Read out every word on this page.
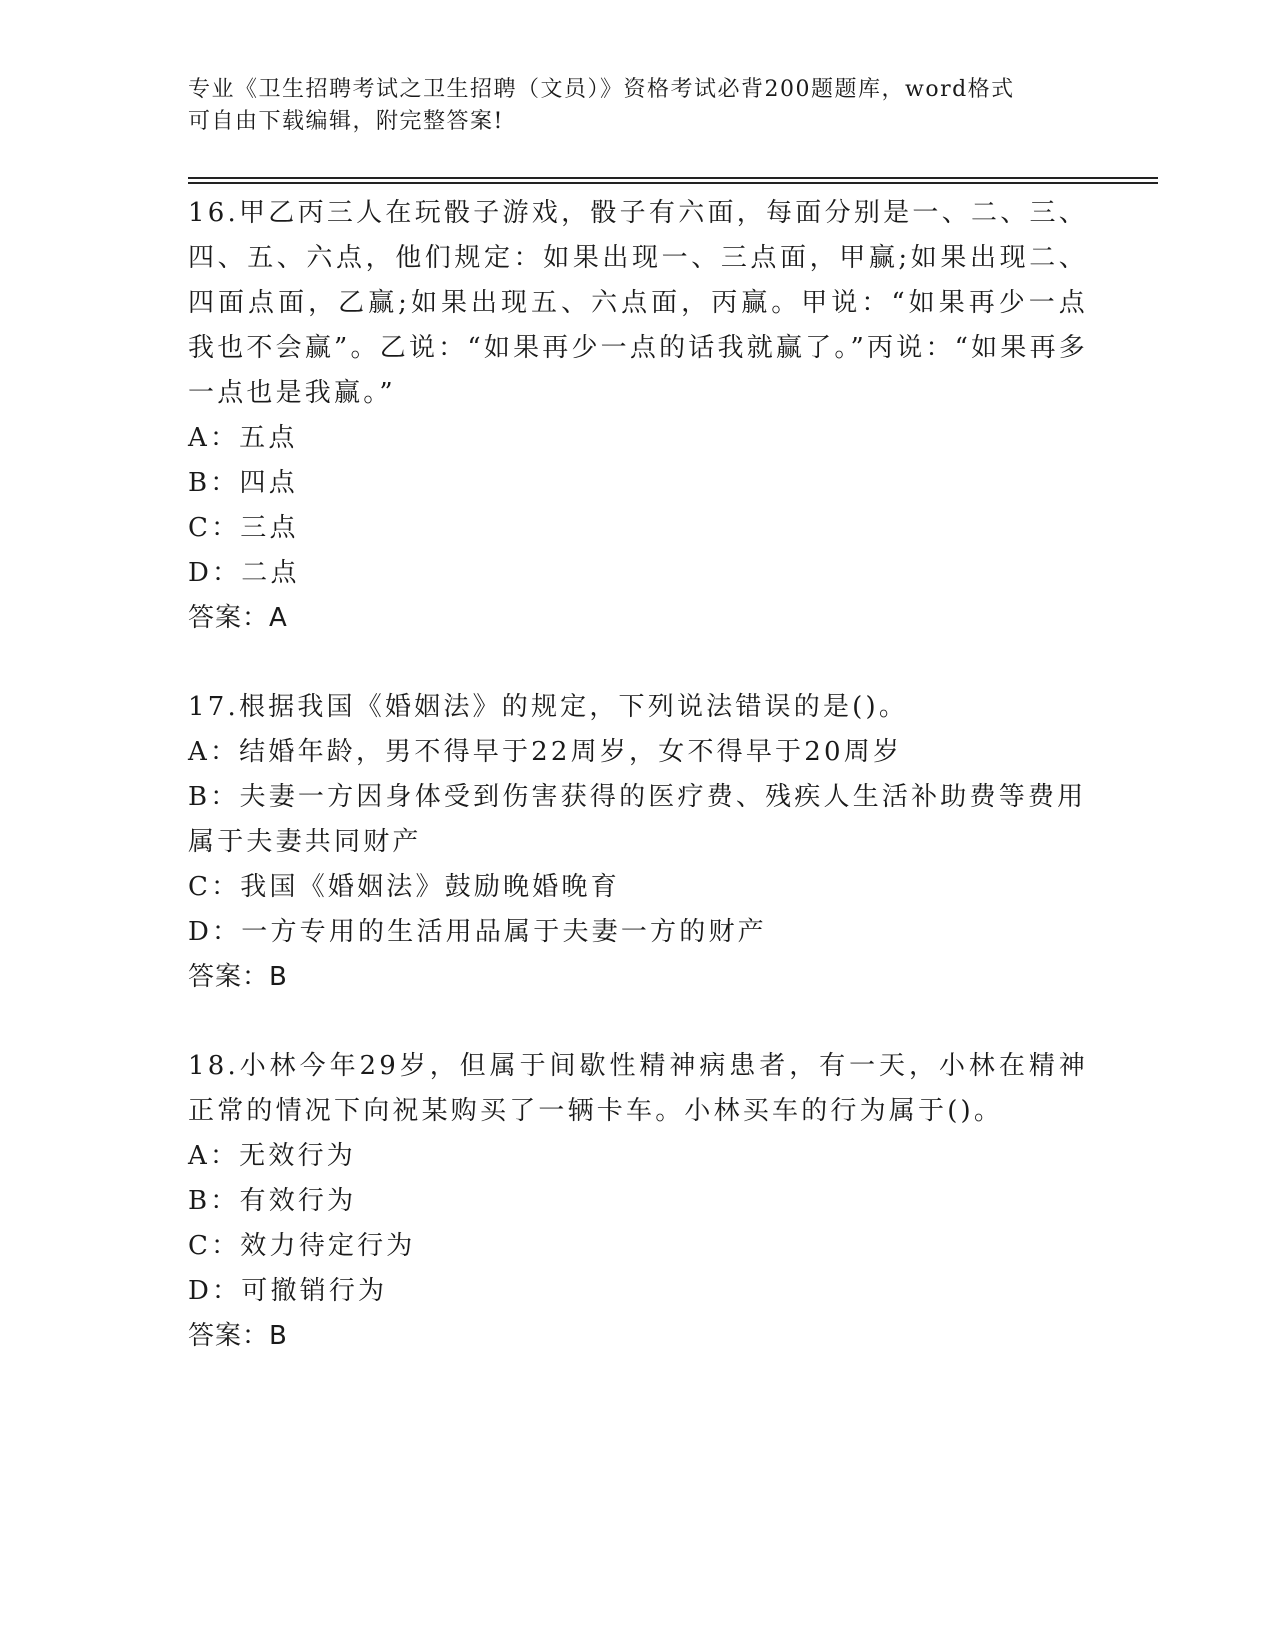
专业《卫生招聘考试之卫生招聘（文员）》资格考试必背200题题库，word格式

可自由下载编辑，附完整答案!

16.甲乙丙三人在玩骰子游戏，骰子有六面，每面分别是一、二、三、四、五、六点，他们规定：如果出现一、三点面，甲赢;如果出现二、四面点面，乙赢;如果出现五、六点面，丙赢。甲说：“如果再少一点我也不会赢”。乙说：“如果再少一点的话我就赢了。”丙说：“如果再多一点也是我赢。”

A：五点

B：四点

C：三点

D：二点

答案：A

17.根据我国《婚姻法》的规定，下列说法错误的是()。

A：结婚年龄，男不得早于22周岁，女不得早于20周岁

B：夫妻一方因身体受到伤害获得的医疗费、残疾人生活补助费等费用属于夫妻共同财产

C：我国《婚姻法》鼓励晚婚晚育

D：一方专用的生活用品属于夫妻一方的财产

答案：B

18.小林今年29岁，但属于间歇性精神病患者，有一天，小林在精神正常的情况下向祝某购买了一辆卡车。小林买车的行为属于()。

A：无效行为

B：有效行为

C：效力待定行为

D：可撤销行为

答案：B
